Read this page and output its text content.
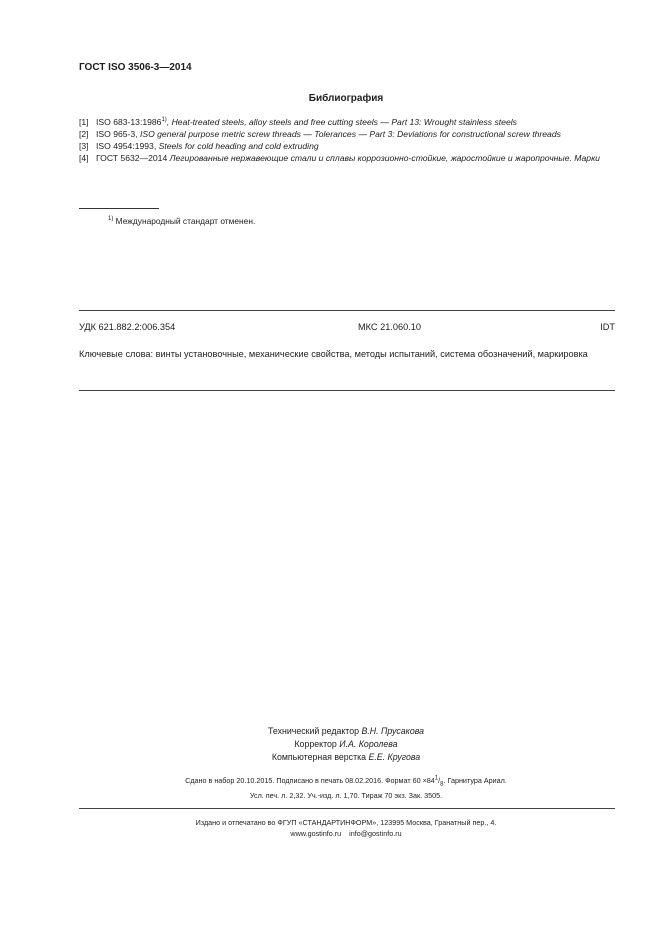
ГОСТ ISO 3506-3—2014
Библиография
[1] ISO 683-13:1986$^{1)}$, Heat-treated steels, alloy steels and free cutting steels — Part 13: Wrought stainless steels
[2] ISO 965-3, ISO general purpose metric screw threads — Tolerances — Part 3: Deviations for constructional screw threads
[3] ISO 4954:1993, Steels for cold heading and cold extruding
[4] ГОСТ 5632—2014 Легированные нержавеющие стали и сплавы коррозионно-стойкие, жаростойкие и жаропрочные. Марки
$^{1)}$ Международный стандарт отменен.
УДК 621.882.2:006.354	МКС 21.060.10	IDT
Ключевые слова: винты установочные, механические свойства, методы испытаний, система обозначений, маркировка
Технический редактор В.Н. Прусакова
Корректор И.А. Королева
Компьютерная верстка Е.Е. Кругова
Сдано в набор 20.10.2015. Подписано в печать 08.02.2016. Формат $60 \times 84^1/_8$. Гарнитура Ариал.
Усл. печ. л. 2,32. Уч.-изд. л. 1,70. Тираж 70 экз. Зак. 3505.
Издано и отпечатано во ФГУП «СТАНДАРТИНФОРМ», 123995 Москва, Гранатный пер., 4.
www.gostinfo.ru info@gostinfo.ru
